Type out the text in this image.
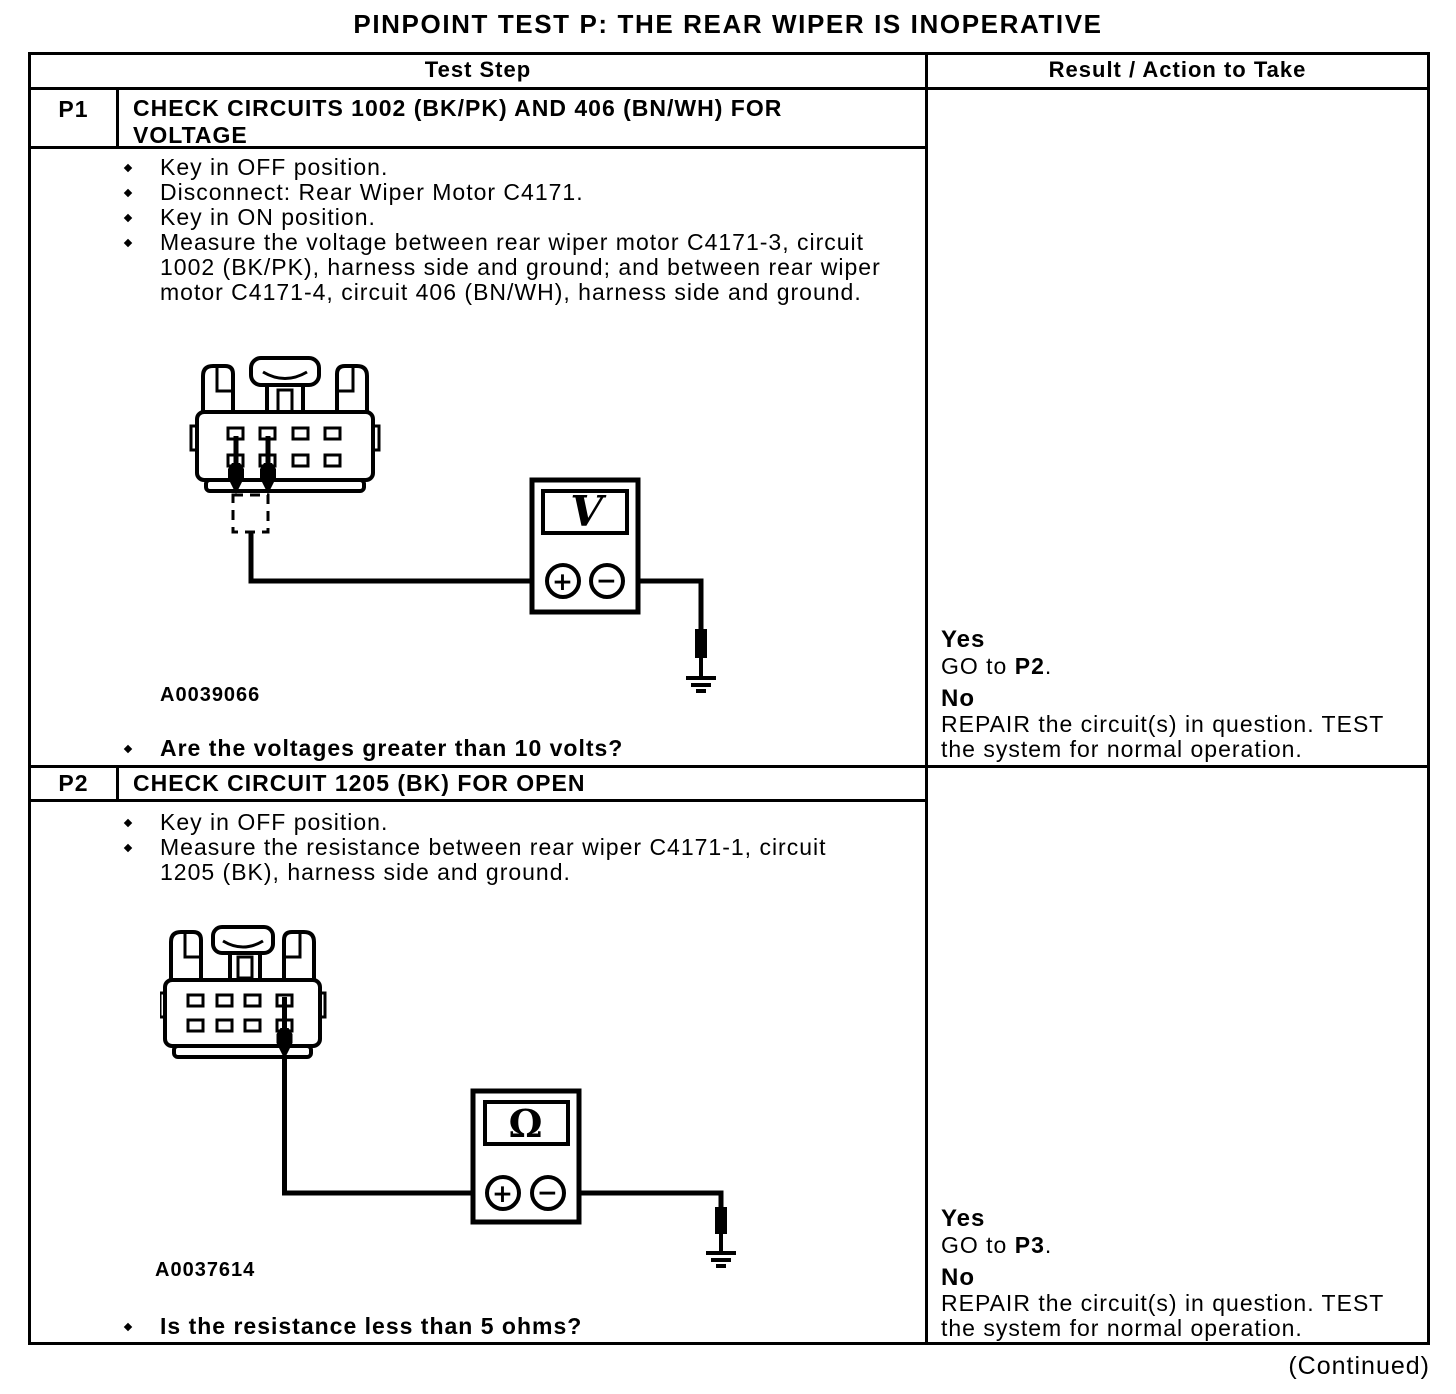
PINPOINT TEST P: THE REAR WIPER IS INOPERATIVE
Test Step	Result / Action to Take
P1	CHECK CIRCUITS 1002 (BK/PK) AND 406 (BN/WH) FOR VOLTAGE
Key in OFF position.
Disconnect: Rear Wiper Motor C4171.
Key in ON position.
Measure the voltage between rear wiper motor C4171-3, circuit 1002 (BK/PK), harness side and ground; and between rear wiper motor C4171-4, circuit 406 (BN/WH), harness side and ground.
V
+ −
A0039066
Are the voltages greater than 10 volts?
Yes
GO to P2.
No
REPAIR the circuit(s) in question. TEST the system for normal operation.
P2	CHECK CIRCUIT 1205 (BK) FOR OPEN
Key in OFF position.
Measure the resistance between rear wiper C4171-1, circuit 1205 (BK), harness side and ground.
Ω
+ −
A0037614
Is the resistance less than 5 ohms?
Yes
GO to P3.
No
REPAIR the circuit(s) in question. TEST the system for normal operation.
(Continued)
